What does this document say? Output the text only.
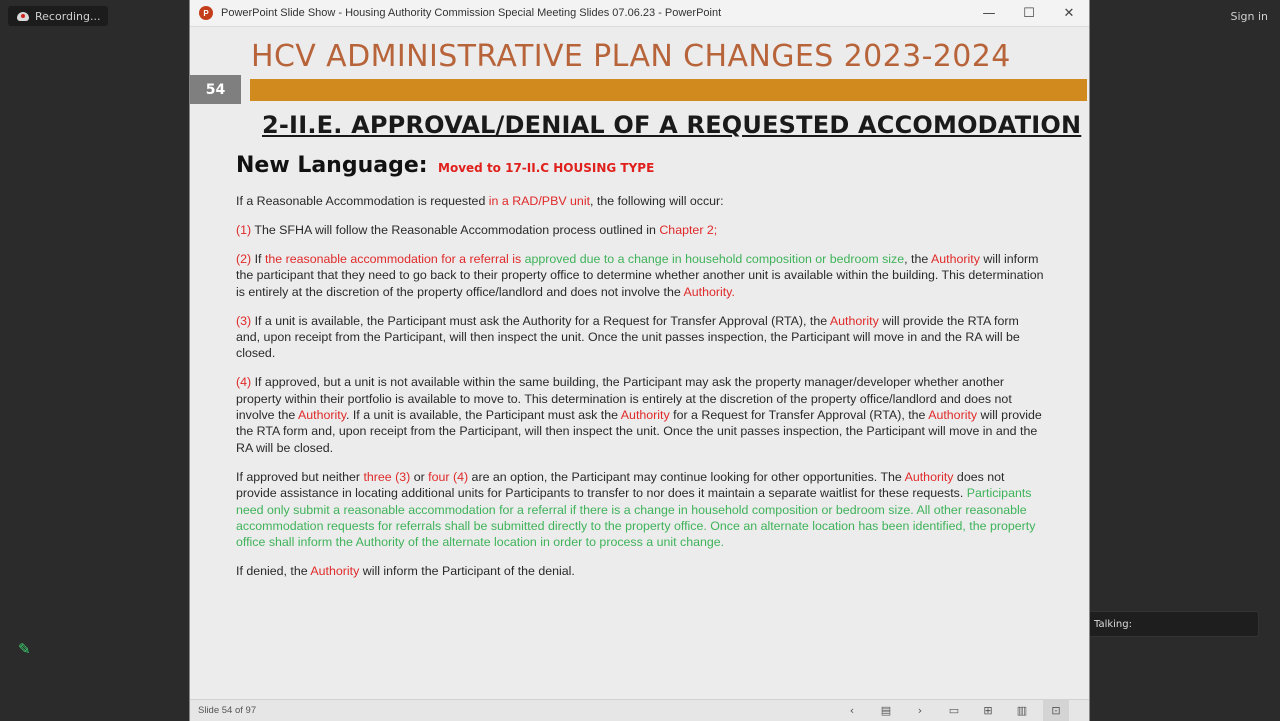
Recording...	Sign in
✎
Talking:
P	PowerPoint Slide Show - Housing Authority Commission Special Meeting Slides 07.06.23 - PowerPoint	—	☐	✕
HCV ADMINISTRATIVE PLAN CHANGES 2023-2024
54
2-II.E. APPROVAL/DENIAL OF A REQUESTED ACCOMODATION
New Language: Moved to 17-II.C HOUSING TYPE

If a Reasonable Accommodation is requested in a RAD/PBV unit, the following will occur:

(1) The SFHA will follow the Reasonable Accommodation process outlined in Chapter 2;

(2) If the reasonable accommodation for a referral is approved due to a change in household composition or bedroom size, the Authority will inform the participant that they need to go back to their property office to determine whether another unit is available within the building. This determination is entirely at the discretion of the property office/landlord and does not involve the Authority.

(3) If a unit is available, the Participant must ask the Authority for a Request for Transfer Approval (RTA), the Authority will provide the RTA form and, upon receipt from the Participant, will then inspect the unit. Once the unit passes inspection, the Participant will move in and the RA will be closed.

(4) If approved, but a unit is not available within the same building, the Participant may ask the property manager/developer whether another property within their portfolio is available to move to. This determination is entirely at the discretion of the property office/landlord and does not involve the Authority. If a unit is available, the Participant must ask the Authority for a Request for Transfer Approval (RTA), the Authority will provide the RTA form and, upon receipt from the Participant, will then inspect the unit. Once the unit passes inspection, the Participant will move in and the RA will be closed.

If approved but neither three (3) or four (4) are an option, the Participant may continue looking for other opportunities. The Authority does not provide assistance in locating additional units for Participants to transfer to nor does it maintain a separate waitlist for these requests. Participants need only submit a reasonable accommodation for a referral if there is a change in household composition or bedroom size. All other reasonable accommodation requests for referrals shall be submitted directly to the property office. Once an alternate location has been identified, the property office shall inform the Authority of the alternate location in order to process a unit change.

If denied, the Authority will inform the Participant of the denial.

Slide 54 of 97	‹	▤	›	▭	⊞	▥	⊡
